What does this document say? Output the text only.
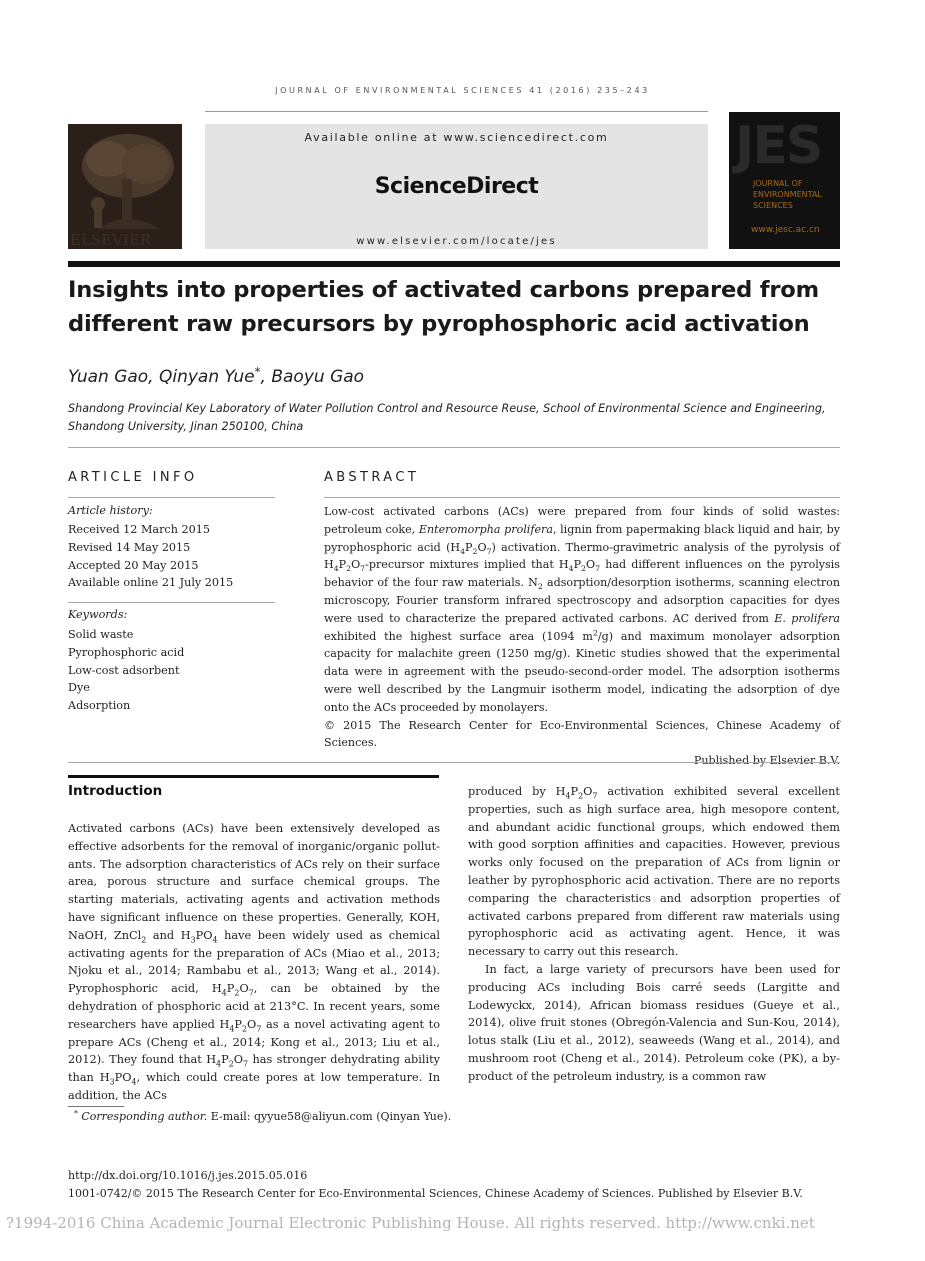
JOURNAL OF ENVIRONMENTAL SCIENCES 41 (2016) 235–243
ELSEVIER
Available online at www.sciencedirect.com
ScienceDirect
www.elsevier.com/locate/jes
JES
JOURNAL OF
ENVIRONMENTAL
SCIENCES
www.jesc.ac.cn
Insights into properties of activated carbons prepared from
different raw precursors by pyrophosphoric acid activation
Yuan Gao, Qinyan Yue*, Baoyu Gao
Shandong Provincial Key Laboratory of Water Pollution Control and Resource Reuse, School of Environmental Science and Engineering,
Shandong University, Jinan 250100, China
ARTICLE INFO
Article history:
Received 12 March 2015
Revised 14 May 2015
Accepted 20 May 2015
Available online 21 July 2015
Keywords:
Solid waste
Pyrophosphoric acid
Low-cost adsorbent
Dye
Adsorption
ABSTRACT
Low-cost activated carbons (ACs) were prepared from four kinds of solid wastes: petroleum coke, Enteromorpha prolifera, lignin from papermaking black liquid and hair, by pyrophosphoric acid $(H_4P_2O_7)$ activation. Thermo-gravimetric analysis of the pyrolysis of $H_4P_2O_7$-precursor mixtures implied that $H_4P_2O_7$ had different influences on the pyrolysis behavior of the four raw materials. $N_2$ adsorption/desorption isotherms, scanning electron microscopy, Fourier transform infrared spectroscopy and adsorption capacities for dyes were used to characterize the prepared activated carbons. AC derived from E. prolifera exhibited the highest surface area (1094 $m^2/g$) and maximum monolayer adsorption capacity for malachite green (1250 mg/g). Kinetic studies showed that the experimental data were in agreement with the pseudo-second-order model. The adsorption isotherms were well described by the Langmuir isotherm model, indicating the adsorption of dye onto the ACs proceeded by monolayers.
© 2015 The Research Center for Eco-Environmental Sciences, Chinese Academy of Sciences.
Published by Elsevier B.V.
Introduction

Activated carbons (ACs) have been extensively developed as effective adsorbents for the removal of inorganic/organic pollut-ants. The adsorption characteristics of ACs rely on their surface area, porous structure and surface chemical groups. The starting materials, activating agents and activation methods have significant influence on these properties. Generally, KOH, NaOH, ZnCl$_2$ and $H_3PO_4$ have been widely used as chemical activating agents for the preparation of ACs (Miao et al., 2013; Njoku et al., 2014; Rambabu et al., 2013; Wang et al., 2014). Pyrophosphoric acid, $H_4P_2O_7$, can be obtained by the dehydration of phosphoric acid at 213°C. In recent years, some researchers have applied $H_4P_2O_7$ as a novel activating agent to prepare ACs (Cheng et al., 2014; Kong et al., 2013; Liu et al., 2012). They found that $H_4P_2O_7$ has stronger dehydrating ability than $H_3PO_4$, which could create pores at low temperature. In addition, the ACs

produced by $H_4P_2O_7$ activation exhibited several excellent properties, such as high surface area, high mesopore content, and abundant acidic functional groups, which endowed them with good sorption affinities and capacities. However, previous works only focused on the preparation of ACs from lignin or leather by pyrophosphoric acid activation. There are no reports comparing the characteristics and adsorption properties of activated carbons prepared from different raw materials using pyrophosphoric acid as activating agent. Hence, it was necessary to carry out this research.

In fact, a large variety of precursors have been used for producing ACs including Bois carré seeds (Largitte and Lodewyckx, 2014), African biomass residues (Gueye et al., 2014), olive fruit stones (Obregón-Valencia and Sun-Kou, 2014), lotus stalk (Liu et al., 2012), seaweeds (Wang et al., 2014), and mushroom root (Cheng et al., 2014). Petroleum coke (PK), a by-product of the petroleum industry, is a common raw

* Corresponding author. E-mail: qyyue58@aliyun.com (Qinyan Yue).
http://dx.doi.org/10.1016/j.jes.2015.05.016
1001-0742/© 2015 The Research Center for Eco-Environmental Sciences, Chinese Academy of Sciences. Published by Elsevier B.V.
?1994-2016 China Academic Journal Electronic Publishing House. All rights reserved. http://www.cnki.net
